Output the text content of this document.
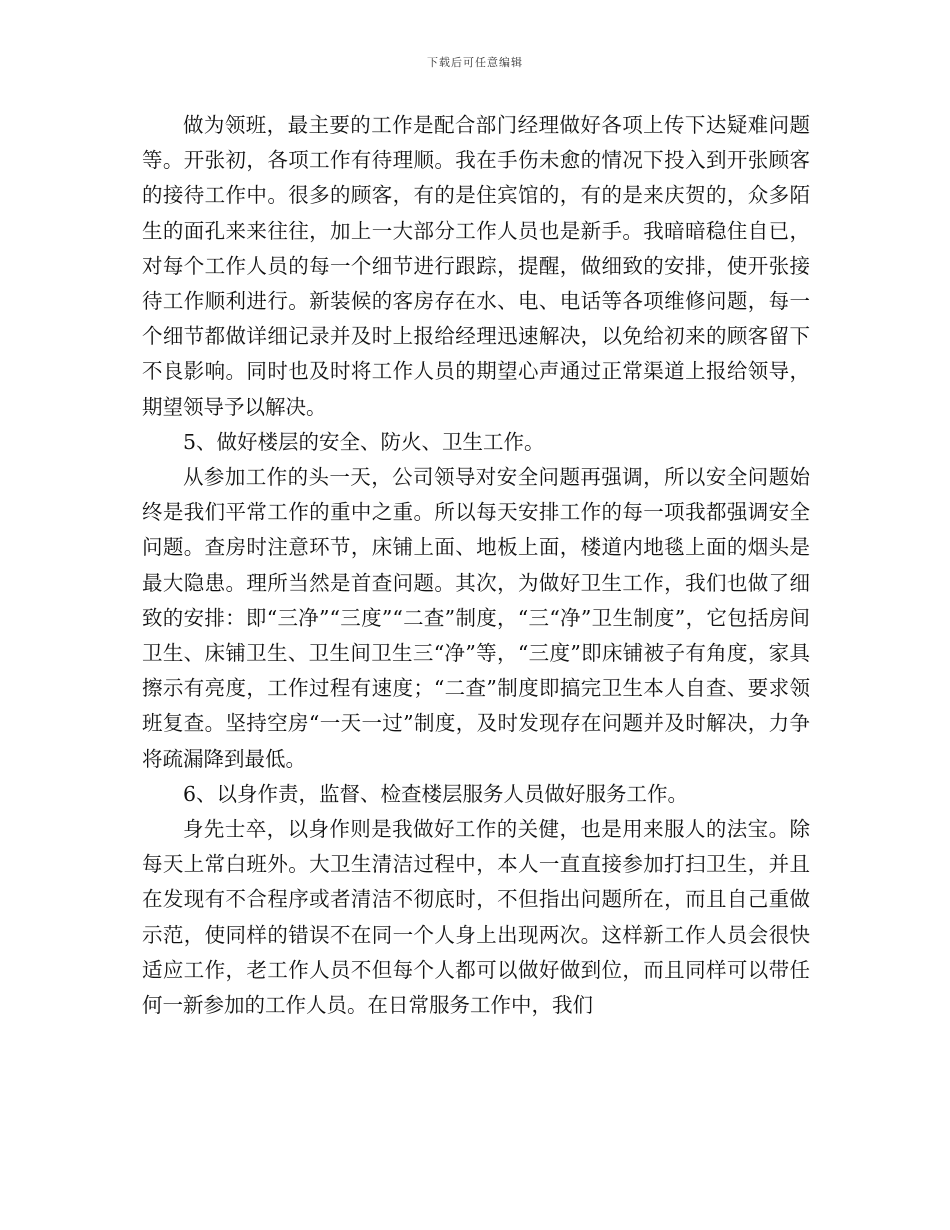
下载后可任意编辑

做为领班，最主要的工作是配合部门经理做好各项上传下达疑难问题等。开张初，各项工作有待理顺。我在手伤未愈的情况下投入到开张顾客的接待工作中。很多的顾客，有的是住宾馆的，有的是来庆贺的，众多陌生的面孔来来往往，加上一大部分工作人员也是新手。我暗暗稳住自已，对每个工作人员的每一个细节进行跟踪，提醒，做细致的安排，使开张接待工作顺利进行。新装候的客房存在水、电、电话等各项维修问题，每一个细节都做详细记录并及时上报给经理迅速解决，以免给初来的顾客留下不良影响。同时也及时将工作人员的期望心声通过正常渠道上报给领导，期望领导予以解决。

5、做好楼层的安全、防火、卫生工作。

从参加工作的头一天，公司领导对安全问题再强调，所以安全问题始终是我们平常工作的重中之重。所以每天安排工作的每一项我都强调安全问题。查房时注意环节，床铺上面、地板上面，楼道内地毯上面的烟头是最大隐患。理所当然是首查问题。其次，为做好卫生工作，我们也做了细致的安排：即“三净”“三度”“二查”制度，“三“净”卫生制度”，它包括房间卫生、床铺卫生、卫生间卫生三“净”等，“三度”即床铺被子有角度，家具擦示有亮度，工作过程有速度；“二查”制度即搞完卫生本人自查、要求领班复查。坚持空房“一天一过”制度，及时发现存在问题并及时解决，力争将疏漏降到最低。

6、以身作责，监督、检查楼层服务人员做好服务工作。

身先士卒，以身作则是我做好工作的关健，也是用来服人的法宝。除每天上常白班外。大卫生清洁过程中，本人一直直接参加打扫卫生，并且在发现有不合程序或者清洁不彻底时，不但指出问题所在，而且自己重做示范，使同样的错误不在同一个人身上出现两次。这样新工作人员会很快适应工作，老工作人员不但每个人都可以做好做到位，而且同样可以带任何一新参加的工作人员。在日常服务工作中，我们
